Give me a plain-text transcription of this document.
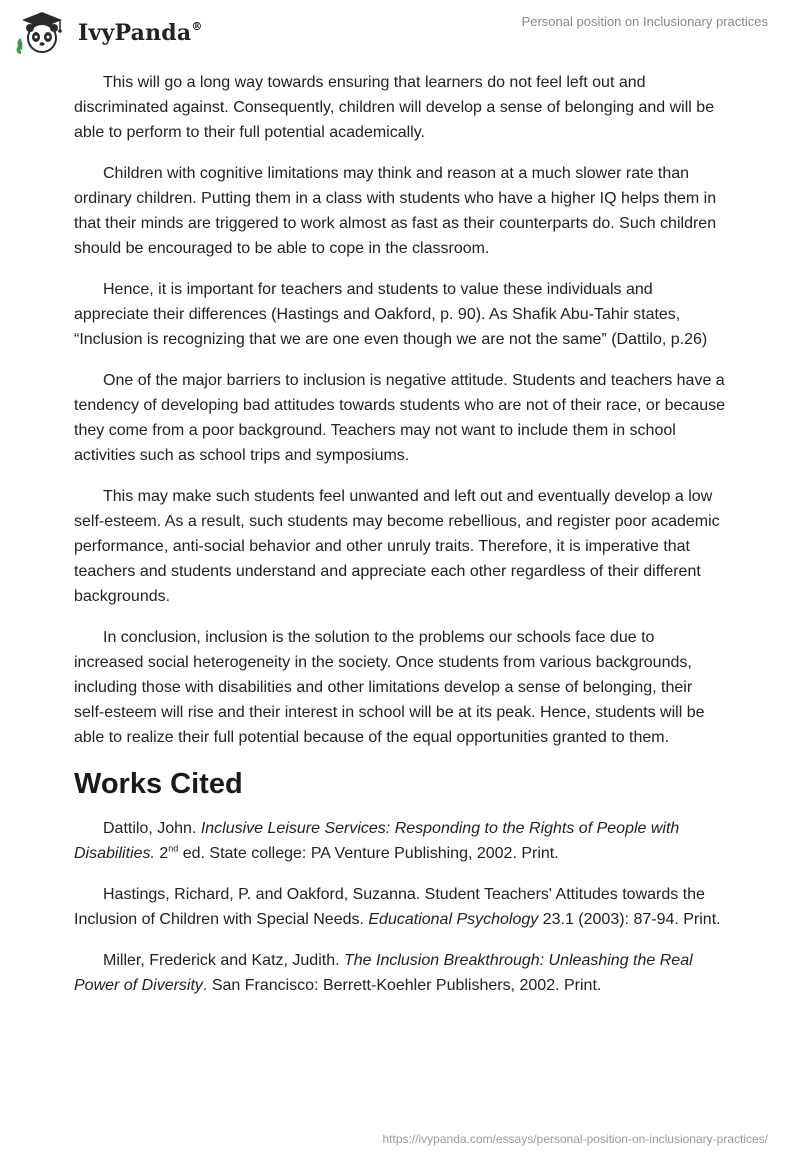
IvyPanda®	Personal position on Inclusionary practices

This will go a long way towards ensuring that learners do not feel left out and discriminated against. Consequently, children will develop a sense of belonging and will be able to perform to their full potential academically.

Children with cognitive limitations may think and reason at a much slower rate than ordinary children. Putting them in a class with students who have a higher IQ helps them in that their minds are triggered to work almost as fast as their counterparts do. Such children should be encouraged to be able to cope in the classroom.

Hence, it is important for teachers and students to value these individuals and appreciate their differences (Hastings and Oakford, p. 90). As Shafik Abu-Tahir states, “Inclusion is recognizing that we are one even though we are not the same” (Dattilo, p.26)

One of the major barriers to inclusion is negative attitude. Students and teachers have a tendency of developing bad attitudes towards students who are not of their race, or because they come from a poor background. Teachers may not want to include them in school activities such as school trips and symposiums.

This may make such students feel unwanted and left out and eventually develop a low self-esteem. As a result, such students may become rebellious, and register poor academic performance, anti-social behavior and other unruly traits. Therefore, it is imperative that teachers and students understand and appreciate each other regardless of their different backgrounds.

In conclusion, inclusion is the solution to the problems our schools face due to increased social heterogeneity in the society. Once students from various backgrounds, including those with disabilities and other limitations develop a sense of belonging, their self-esteem will rise and their interest in school will be at its peak. Hence, students will be able to realize their full potential because of the equal opportunities granted to them.

Works Cited

Dattilo, John. Inclusive Leisure Services: Responding to the Rights of People with Disabilities. 2nd ed. State college: PA Venture Publishing, 2002. Print.

Hastings, Richard, P. and Oakford, Suzanna. Student Teachers' Attitudes towards the Inclusion of Children with Special Needs. Educational Psychology 23.1 (2003): 87-94. Print.

Miller, Frederick and Katz, Judith. The Inclusion Breakthrough: Unleashing the Real Power of Diversity. San Francisco: Berrett-Koehler Publishers, 2002. Print.

https://ivypanda.com/essays/personal-position-on-inclusionary-practices/
